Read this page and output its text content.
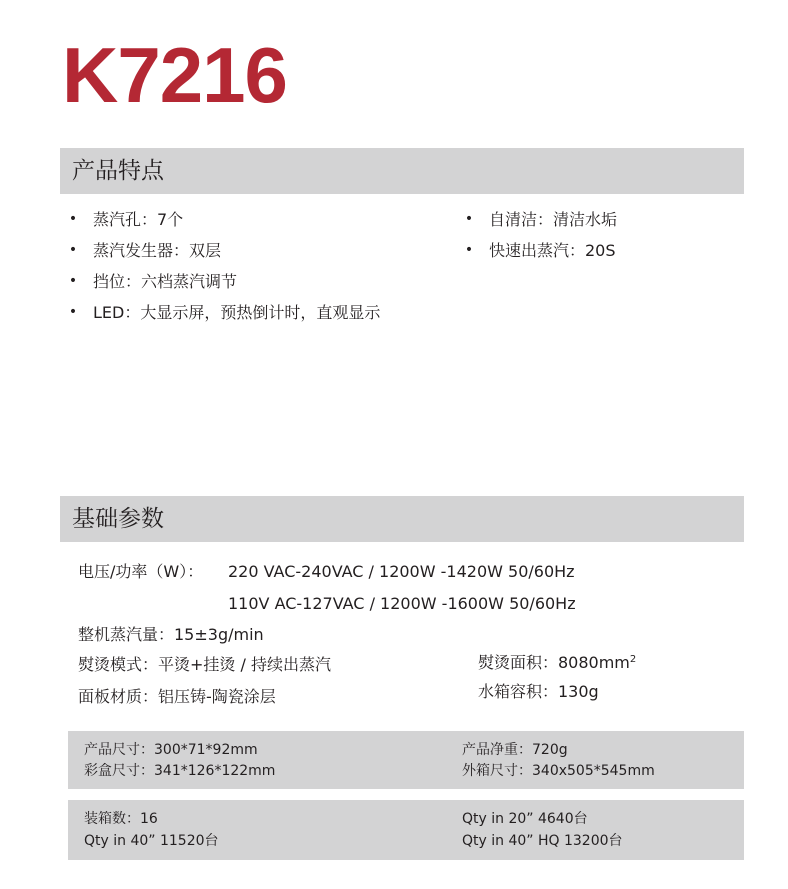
K7216
产品特点
• 蒸汽孔：7个
• 蒸汽发生器：双层
• 挡位：六档蒸汽调节
• LED：大显示屏，预热倒计时，直观显示
• 自清洁：清洁水垢
• 快速出蒸汽：20S
基础参数
电压/功率（W）： 220 VAC-240VAC / 1200W -1420W 50/60Hz
110V AC-127VAC / 1200W -1600W 50/60Hz
整机蒸汽量：15±3g/min
熨烫模式：平烫+挂烫 / 持续出蒸汽
面板材质：铝压铸-陶瓷涂层
熨烫面积：$8080mm^2$
水箱容积：130g
产品尺寸：300*71*92mm
彩盒尺寸：341*126*122mm
产品净重：720g
外箱尺寸：340x505*545mm
装箱数：16
Qty in 40” 11520台
Qty in 20” 4640台
Qty in 40” HQ 13200台
